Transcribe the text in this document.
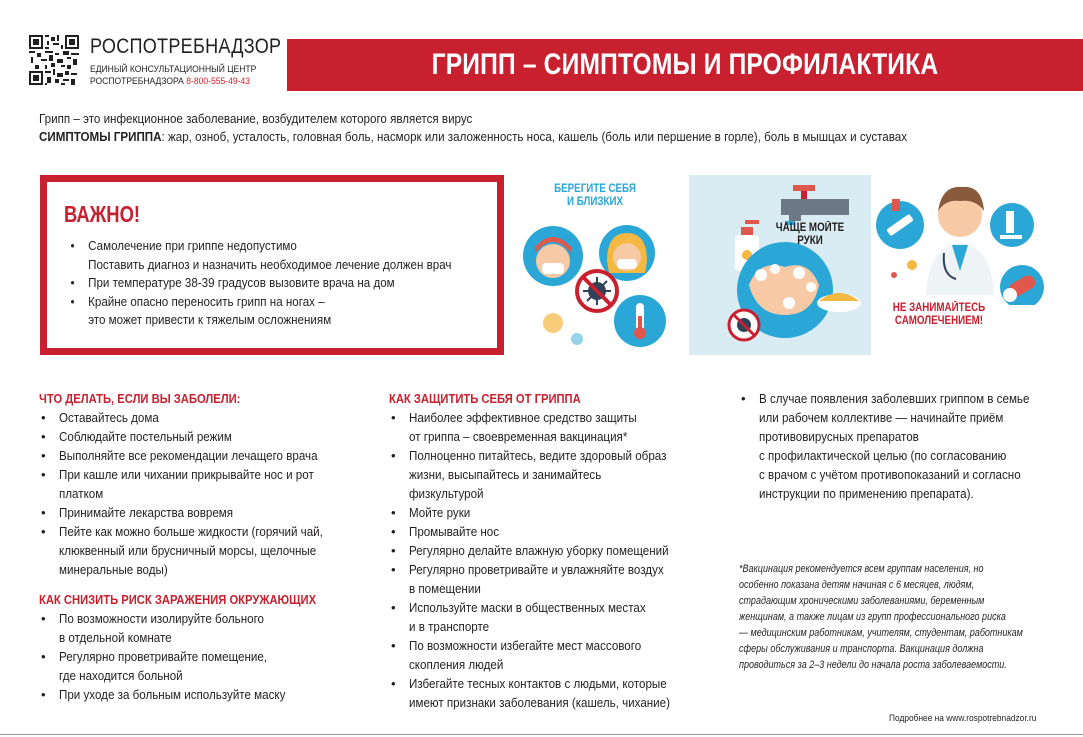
РОСПОТРЕБНАДЗОР
ЕДИНЫЙ КОНСУЛЬТАЦИОННЫЙ ЦЕНТР
РОСПОТРЕБНАДЗОРА 8-800-555-49-43
ГРИПП – СИМПТОМЫ И ПРОФИЛАКТИКА

Грипп – это инфекционное заболевание, возбудителем которого является вирус

СИМПТОМЫ ГРИППА: жар, озноб, усталость, головная боль, насморк или заложенность носа, кашель (боль или першение в горле), боль в мышцах и суставах

ВАЖНО!
• Самолечение при гриппе недопустимо
Поставить диагноз и назначить необходимое лечение должен врач
• При температуре 38-39 градусов вызовите врача на дом
• Крайне опасно переносить грипп на ногах –
это может привести к тяжелым осложнениям
БЕРЕГИТЕ СЕБЯ
И БЛИЗКИХ
ЧАЩЕ МОЙТЕ
РУКИ
НЕ ЗАНИМАЙТЕСЬ
САМОЛЕЧЕНИЕМ!
ЧТО ДЕЛАТЬ, ЕСЛИ ВЫ ЗАБОЛЕЛИ:
• Оставайтесь дома
• Соблюдайте постельный режим
• Выполняйте все рекомендации лечащего врача
• При кашле или чихании прикрывайте нос и рот
платком
• Принимайте лекарства вовремя
• Пейте как можно больше жидкости (горячий чай,
клюквенный или брусничный морсы, щелочные
минеральные воды)
КАК СНИЗИТЬ РИСК ЗАРАЖЕНИЯ ОКРУЖАЮЩИХ
• По возможности изолируйте больного
в отдельной комнате
• Регулярно проветривайте помещение,
где находится больной
• При уходе за больным используйте маску
КАК ЗАЩИТИТЬ СЕБЯ ОТ ГРИППА
• Наиболее эффективное средство защиты
от гриппа – своевременная вакцинация*
• Полноценно питайтесь, ведите здоровый образ
жизни, высыпайтесь и занимайтесь
физкультурой
• Мойте руки
• Промывайте нос
• Регулярно делайте влажную уборку помещений
• Регулярно проветривайте и увлажняйте воздух
в помещении
• Используйте маски в общественных местах
и в транспорте
• По возможности избегайте мест массового
скопления людей
• Избегайте тесных контактов с людьми, которые
имеют признаки заболевания (кашель, чихание)
• В случае появления заболевших гриппом в семье
или рабочем коллективе — начинайте приём
противовирусных препаратов
с профилактической целью (по согласованию
с врачом с учётом противопоказаний и согласно
инструкции по применению препарата).
*Вакцинация рекомендуется всем группам населения, но
особенно показана детям начиная с 6 месяцев, людям,
страдающим хроническими заболеваниями, беременным
женщинам, а также лицам из групп профессионального риска
— медицинским работникам, учителям, студентам, работникам
сферы обслуживания и транспорта. Вакцинация должна
проводиться за 2–3 недели до начала роста заболеваемости.
Подробнее на www.rospotrebnadzor.ru
